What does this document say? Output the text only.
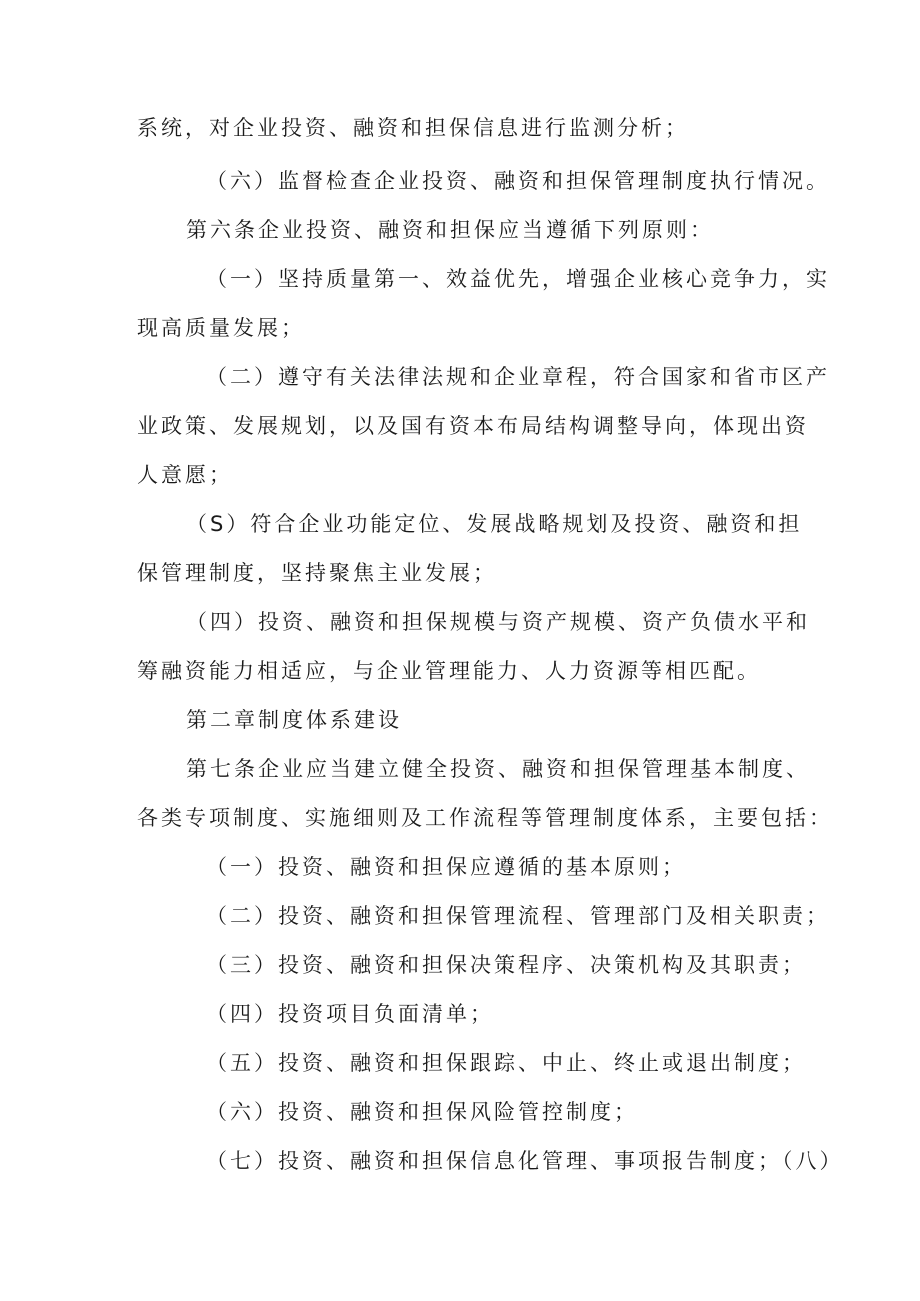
系统，对企业投资、融资和担保信息进行监测分析；
（六）监督检查企业投资、融资和担保管理制度执行情况。
第六条企业投资、融资和担保应当遵循下列原则：
（一）坚持质量第一、效益优先，增强企业核心竞争力，实
现高质量发展；
（二）遵守有关法律法规和企业章程，符合国家和省市区产
业政策、发展规划，以及国有资本布局结构调整导向，体现出资
人意愿；
（S）符合企业功能定位、发展战略规划及投资、融资和担
保管理制度，坚持聚焦主业发展；
（四）投资、融资和担保规模与资产规模、资产负债水平和
筹融资能力相适应，与企业管理能力、人力资源等相匹配。
第二章制度体系建设
第七条企业应当建立健全投资、融资和担保管理基本制度、
各类专项制度、实施细则及工作流程等管理制度体系，主要包括：
（一）投资、融资和担保应遵循的基本原则；
（二）投资、融资和担保管理流程、管理部门及相关职责；
（三）投资、融资和担保决策程序、决策机构及其职责；
（四）投资项目负面清单；
（五）投资、融资和担保跟踪、中止、终止或退出制度；
（六）投资、融资和担保风险管控制度；
（七）投资、融资和担保信息化管理、事项报告制度；（八）
